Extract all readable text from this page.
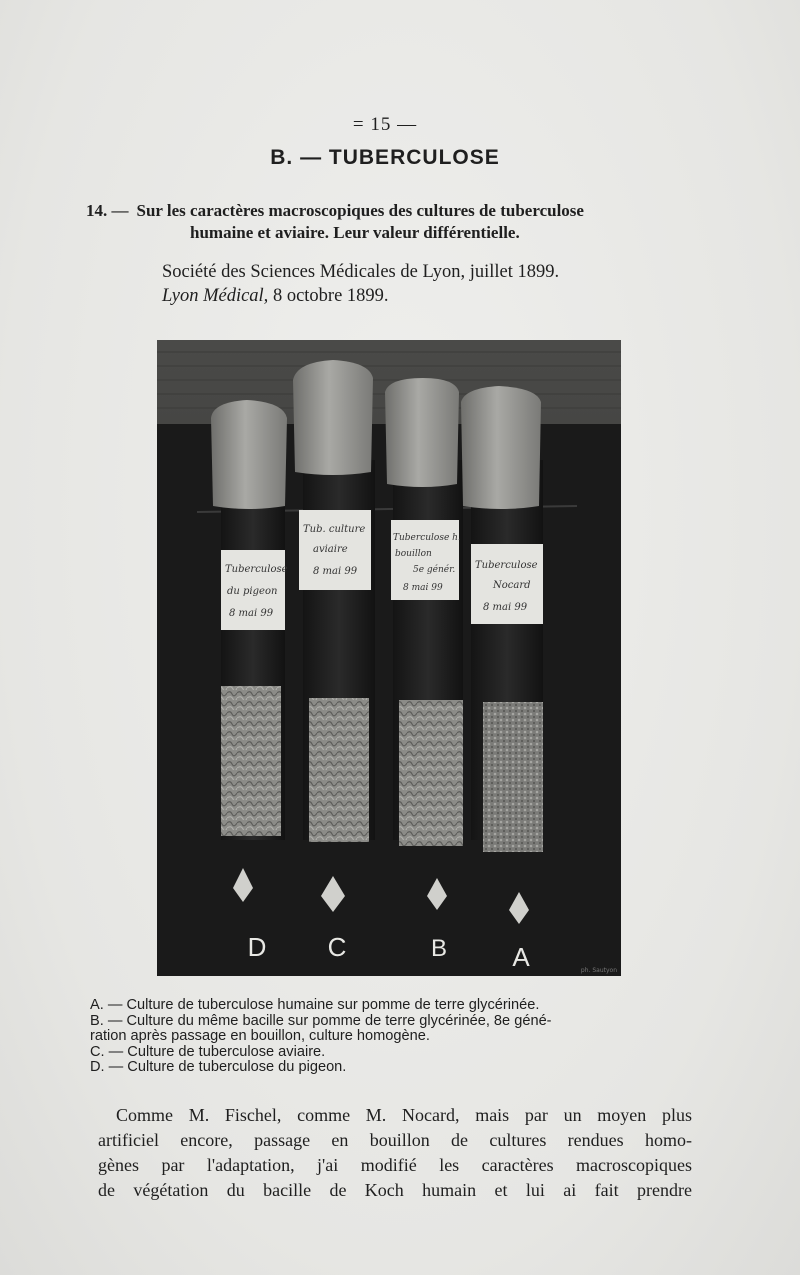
= 15 —
B. — TUBERCULOSE
14. — Sur les caractères macroscopiques des cultures de tuberculose
humaine et aviaire. Leur valeur différentielle.
Société des Sciences Médicales de Lyon, juillet 1899.
Lyon Médical, 8 octobre 1899.
Tuberculose
du pigeon
8 mai 99
D
Tub. culture
aviaire
8 mai 99
C
Tuberculose h.
bouillon
5e génér.
8 mai 99
B
Tuberculose
Nocard
8 mai 99
A	ph. Sautyon
A. — Culture de tuberculose humaine sur pomme de terre glycérinée.
B. — Culture du même bacille sur pomme de terre glycérinée, 8e géné-
ration après passage en bouillon, culture homogène.
C. — Culture de tuberculose aviaire.
D. — Culture de tuberculose du pigeon.
Comme M. Fischel, comme M. Nocard, mais par un moyen plus
artificiel encore, passage en bouillon de cultures rendues homo-
gènes par l'adaptation, j'ai modifié les caractères macroscopiques
de végétation du bacille de Koch humain et lui ai fait prendre
